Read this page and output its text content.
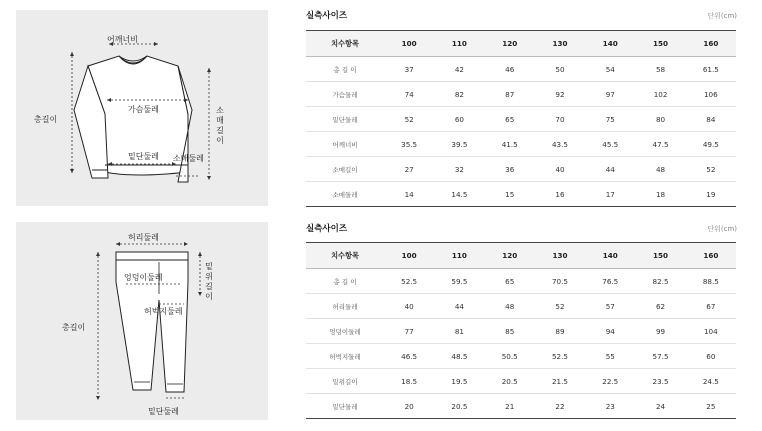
어깨너비
총길이
가슴둘레	소매길이
밑단둘레 소매둘레
허리둘레
밑위길이
엉덩이둘레
총길이
허벅지둘레
밑단둘레
실측사이즈	단위(cm)
치수항목	100	110	120	130	140	150	160
총 길 이	37	42	46	50	54	58	61.5
가슴둘레	74	82	87	92	97	102	106
밑단둘레	52	60	65	70	75	80	84
어깨너비	35.5	39.5	41.5	43.5	45.5	47.5	49.5
소매길이	27	32	36	40	44	48	52
소매둘레	14	14.5	15	16	17	18	19
실측사이즈	단위(cm)
치수항목	100	110	120	130	140	150	160
총 길 이	52.5	59.5	65	70.5	76.5	82.5	88.5
허리둘레	40	44	48	52	57	62	67
엉덩이둘레	77	81	85	89	94	99	104
허벅지둘레	46.5	48.5	50.5	52.5	55	57.5	60
밑위길이	18.5	19.5	20.5	21.5	22.5	23.5	24.5
밑단둘레	20	20.5	21	22	23	24	25
